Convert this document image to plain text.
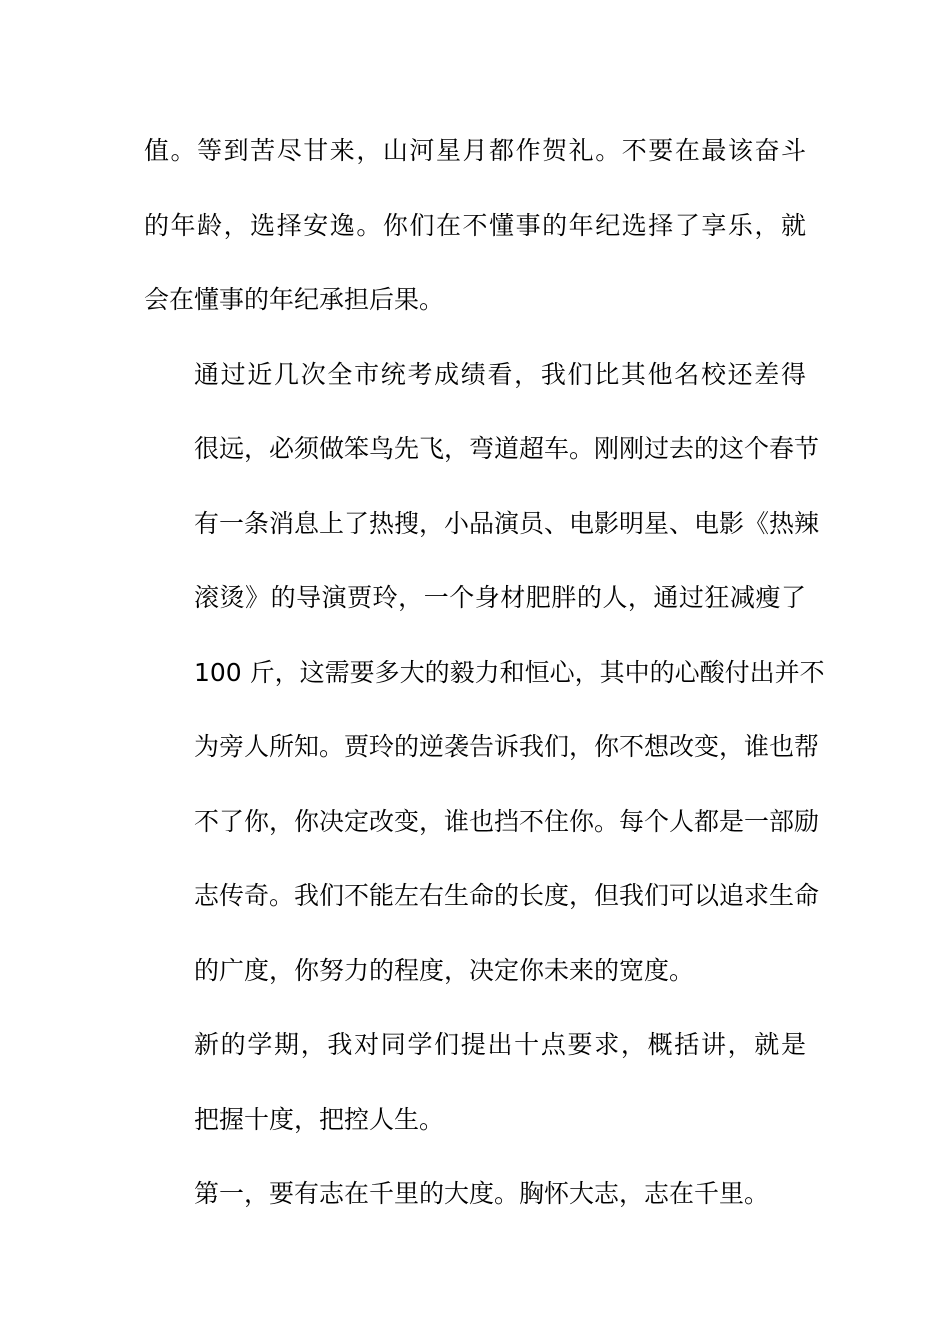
值。等到苦尽甘来，山河星月都作贺礼。不要在最该奋斗
的年龄，选择安逸。你们在不懂事的年纪选择了享乐，就
会在懂事的年纪承担后果。
通过近几次全市统考成绩看，我们比其他名校还差得
很远，必须做笨鸟先飞，弯道超车。刚刚过去的这个春节
有一条消息上了热搜，小品演员、电影明星、电影《热辣
滚烫》的导演贾玲，一个身材肥胖的人，通过狂减瘦了
100 斤，这需要多大的毅力和恒心，其中的心酸付出并不
为旁人所知。贾玲的逆袭告诉我们，你不想改变，谁也帮
不了你，你决定改变，谁也挡不住你。每个人都是一部励
志传奇。我们不能左右生命的长度，但我们可以追求生命
的广度，你努力的程度，决定你未来的宽度。
新的学期，我对同学们提出十点要求，概括讲，就是
把握十度，把控人生。
第一，要有志在千里的大度。胸怀大志，志在千里。
